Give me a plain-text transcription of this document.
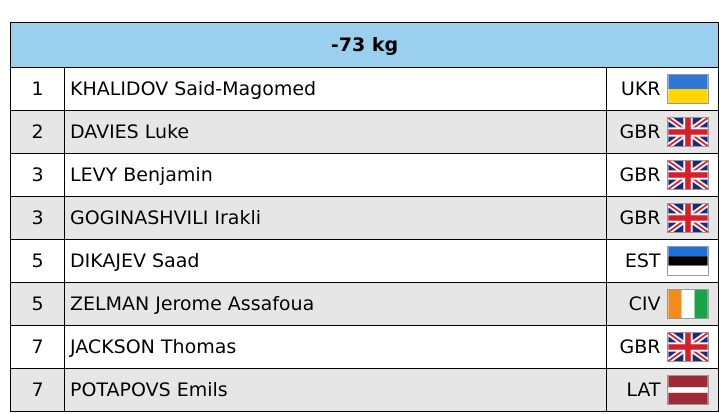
-73 kg			
1	KHALIDOV Said-Magomed	UKR	

2	DAVIES Luke	GBR	

3	LEVY Benjamin	GBR	

3	GOGINASHVILI Irakli	GBR	

5	DIKAJEV Saad	EST	

5	ZELMAN Jerome Assafoua	CIV	

7	JACKSON Thomas	GBR	

7	POTAPOVS Emils	LAT	
